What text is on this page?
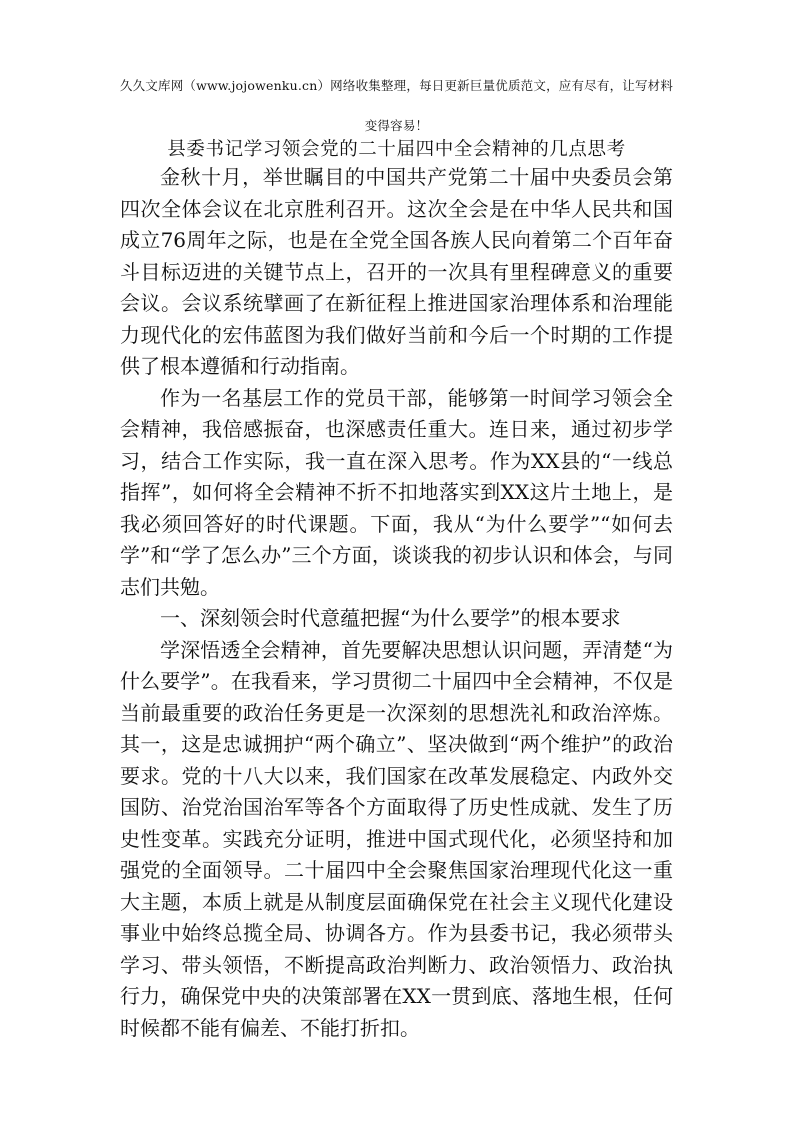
久久文库网（www.jojowenku.cn）网络收集整理，每日更新巨量优质范文，应有尽有，让写材料变得容易！
县委书记学习领会党的二十届四中全会精神的几点思考

金秋十月，举世瞩目的中国共产党第二十届中央委员会第四次全体会议在北京胜利召开。这次全会是在中华人民共和国成立76周年之际，也是在全党全国各族人民向着第二个百年奋斗目标迈进的关键节点上，召开的一次具有里程碑意义的重要会议。会议系统擘画了在新征程上推进国家治理体系和治理能力现代化的宏伟蓝图为我们做好当前和今后一个时期的工作提供了根本遵循和行动指南。

作为一名基层工作的党员干部，能够第一时间学习领会全会精神，我倍感振奋，也深感责任重大。连日来，通过初步学习，结合工作实际，我一直在深入思考。作为XX县的“一线总指挥”，如何将全会精神不折不扣地落实到XX这片土地上，是我必须回答好的时代课题。下面，我从“为什么要学”“如何去学”和“学了怎么办”三个方面，谈谈我的初步认识和体会，与同志们共勉。

一、深刻领会时代意蕴把握“为什么要学”的根本要求

学深悟透全会精神，首先要解决思想认识问题，弄清楚“为什么要学”。在我看来，学习贯彻二十届四中全会精神，不仅是当前最重要的政治任务更是一次深刻的思想洗礼和政治淬炼。其一，这是忠诚拥护“两个确立”、坚决做到“两个维护”的政治要求。党的十八大以来，我们国家在改革发展稳定、内政外交国防、治党治国治军等各个方面取得了历史性成就、发生了历史性变革。实践充分证明，推进中国式现代化，必须坚持和加强党的全面领导。二十届四中全会聚焦国家治理现代化这一重大主题，本质上就是从制度层面确保党在社会主义现代化建设事业中始终总揽全局、协调各方。作为县委书记，我必须带头学习、带头领悟，不断提高政治判断力、政治领悟力、政治执行力，确保党中央的决策部署在XX一贯到底、落地生根，任何时候都不能有偏差、不能打折扣。
